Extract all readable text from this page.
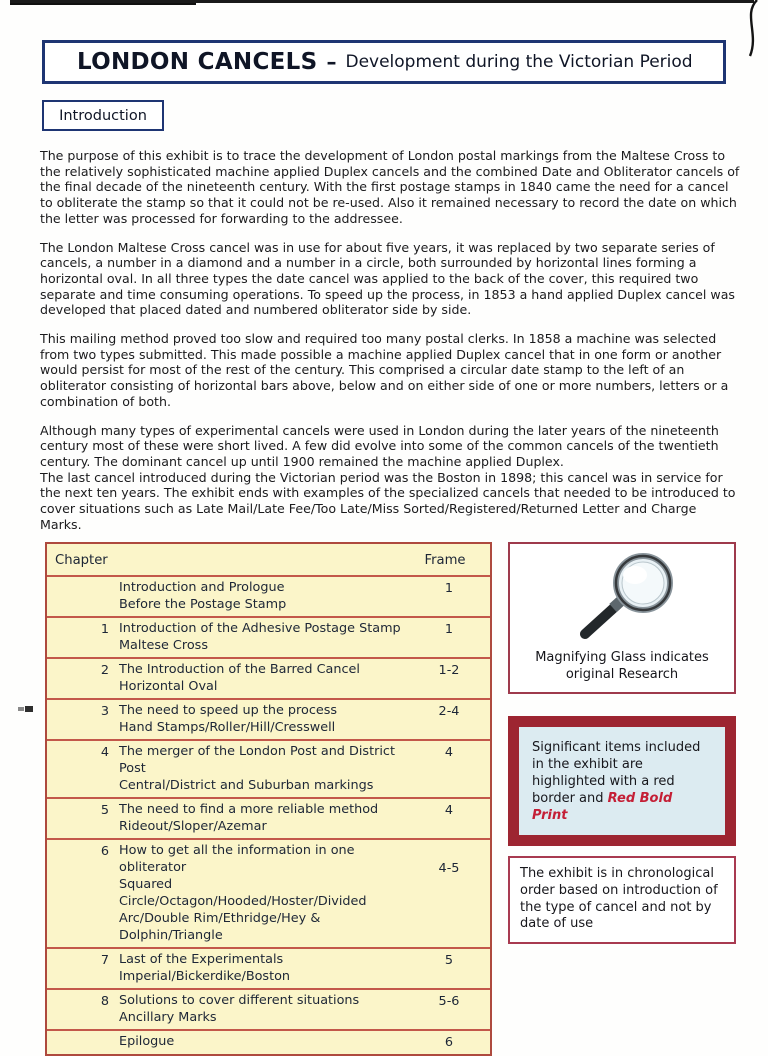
LONDON CANCELS – Development during the Victorian Period
Introduction
The purpose of this exhibit is to trace the development of London postal markings from the Maltese Cross to the relatively sophisticated machine applied Duplex cancels and the combined Date and Obliterator cancels of the final decade of the nineteenth century. With the first postage stamps in 1840 came the need for a cancel to obliterate the stamp so that it could not be re-used. Also it remained necessary to record the date on which the letter was processed for forwarding to the addressee.
The London Maltese Cross cancel was in use for about five years, it was replaced by two separate series of cancels, a number in a diamond and a number in a circle, both surrounded by horizontal lines forming a horizontal oval. In all three types the date cancel was applied to the back of the cover, this required two separate and time consuming operations. To speed up the process, in 1853 a hand applied Duplex cancel was developed that placed dated and numbered obliterator side by side.
This mailing method proved too slow and required too many postal clerks. In 1858 a machine was selected from two types submitted. This made possible a machine applied Duplex cancel that in one form or another would persist for most of the rest of the century. This comprised a circular date stamp to the left of an obliterator consisting of horizontal bars above, below and on either side of one or more numbers, letters or a combination of both.
Although many types of experimental cancels were used in London during the later years of the nineteenth century most of these were short lived. A few did evolve into some of the common cancels of the twentieth century. The dominant cancel up until 1900 remained the machine applied Duplex.
The last cancel introduced during the Victorian period was the Boston in 1898; this cancel was in service for the next ten years. The exhibit ends with examples of the specialized cancels that needed to be introduced to cover situations such as Late Mail/Late Fee/Too Late/Miss Sorted/Registered/Returned Letter and Charge Marks.
Chapter	Frame
Introduction and Prologue
Before the Postage Stamp
1
1 Introduction of the Adhesive Postage Stamp
Maltese Cross
1
2 The Introduction of the Barred Cancel
Horizontal Oval
1-2
3 The need to speed up the process
Hand Stamps/Roller/Hill/Cresswell
2-4
4 The merger of the London Post and District Post
Central/District and Suburban markings
4
5 The need to find a more reliable method
Rideout/Sloper/Azemar
4
6 How to get all the information in one obliterator
Squared Circle/Octagon/Hooded/Hoster/Divided
Arc/Double Rim/Ethridge/Hey & Dolphin/Triangle
4-5
7 Last of the Experimentals
Imperial/Bickerdike/Boston
5
8 Solutions to cover different situations
Ancillary Marks
5-6
Epilogue	6
Magnifying Glass indicates original Research
Significant items included in the exhibit are highlighted with a red border and Red Bold Print
The exhibit is in chronological order based on introduction of the type of cancel and not by date of use
